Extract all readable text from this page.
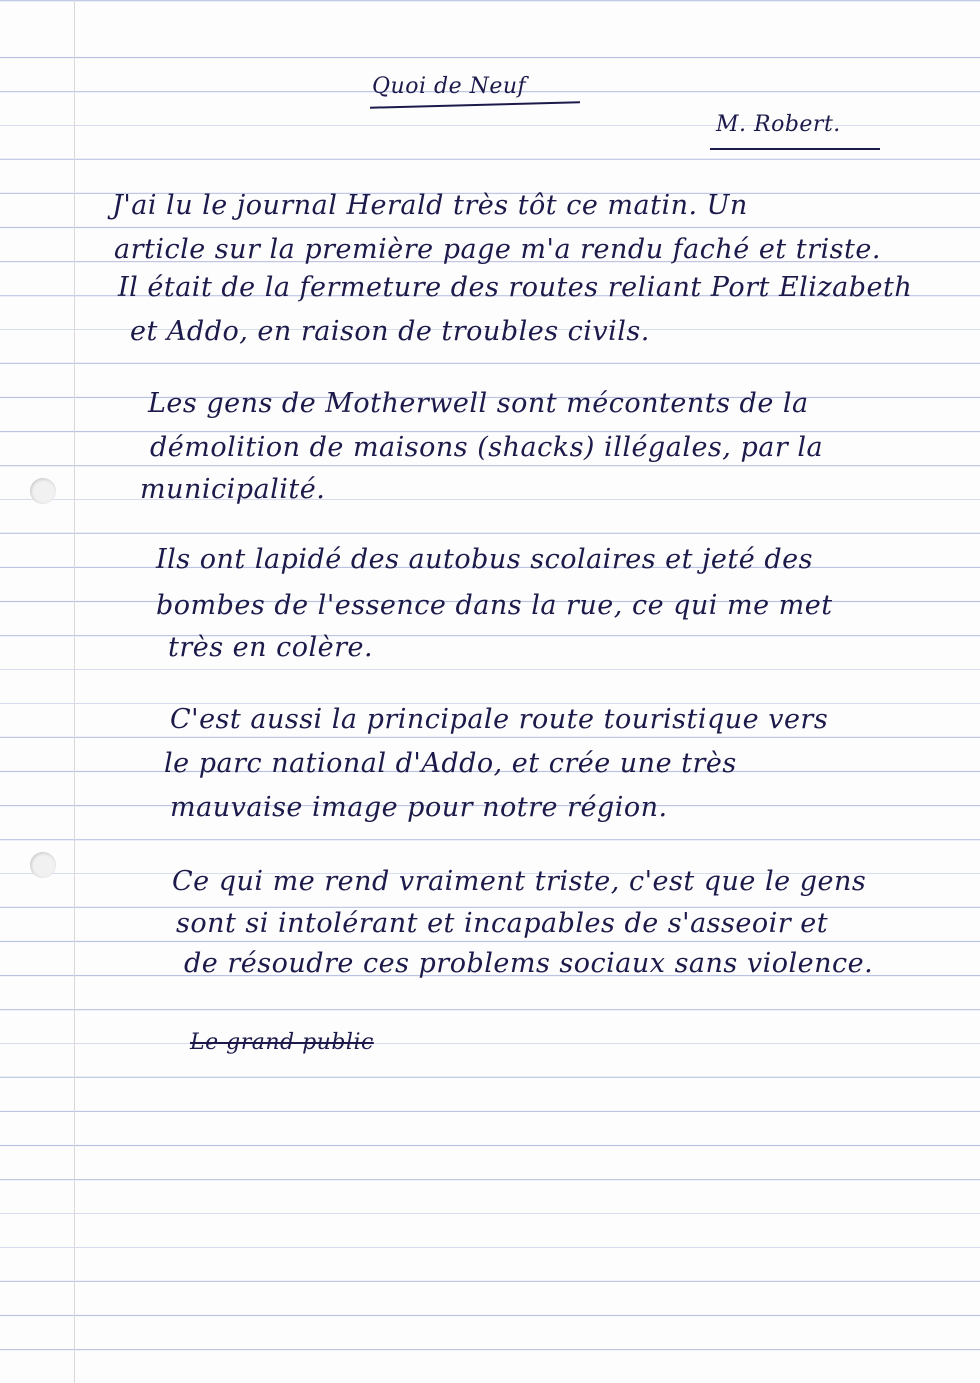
Quoi de Neuf
M. Robert.
J'ai lu le journal Herald très tôt ce matin. Un
article sur la première page m'a rendu faché et triste.
Il était de la fermeture des routes reliant Port Elizabeth
et Addo, en raison de troubles civils.
Les gens de Motherwell sont mécontents de la
démolition de maisons (shacks) illégales, par la
municipalité.
Ils ont lapidé des autobus scolaires et jeté des
bombes de l'essence dans la rue, ce qui me met
très en colère.
C'est aussi la principale route touristique vers
le parc national d'Addo, et crée une très
mauvaise image pour notre région.
Ce qui me rend vraiment triste, c'est que le gens
sont si intolérant et incapables de s'asseoir et
de résoudre ces problems sociaux sans violence.
Le grand public
